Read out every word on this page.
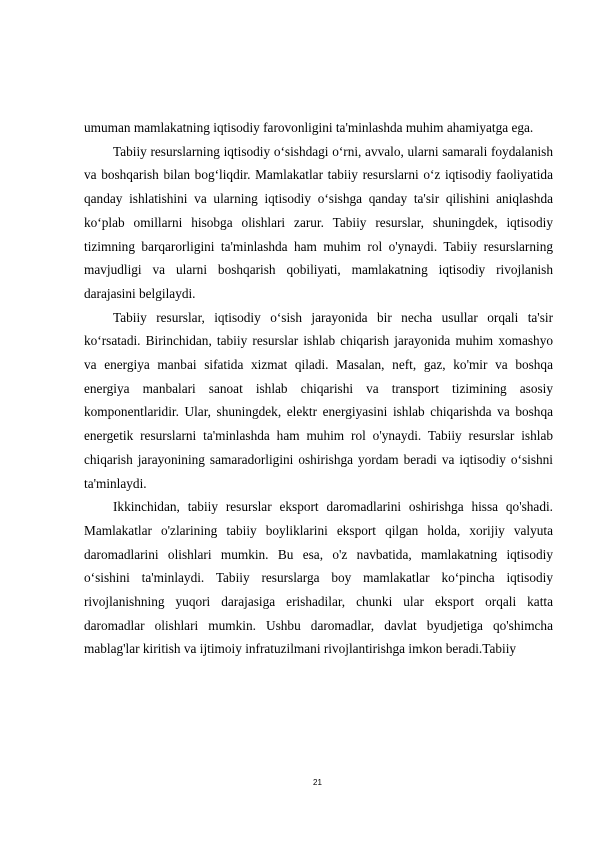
umuman mamlakatning iqtisodiy farovonligini ta'minlashda muhim ahamiyatga ega.

Tabiiy resurslarning iqtisodiy o‘sishdagi o‘rni, avvalo, ularni samarali foydalanish va boshqarish bilan bog‘liqdir. Mamlakatlar tabiiy resurslarni o‘z iqtisodiy faoliyatida qanday ishlatishini va ularning iqtisodiy o‘sishga qanday ta'sir qilishini aniqlashda ko‘plab omillarni hisobga olishlari zarur. Tabiiy resurslar, shuningdek, iqtisodiy tizimning barqarorligini ta'minlashda ham muhim rol o'ynaydi. Tabiiy resurslarning mavjudligi va ularni boshqarish qobiliyati, mamlakatning iqtisodiy rivojlanish darajasini belgilaydi.

Tabiiy resurslar, iqtisodiy o‘sish jarayonida bir necha usullar orqali ta'sir ko‘rsatadi. Birinchidan, tabiiy resurslar ishlab chiqarish jarayonida muhim xomashyo va energiya manbai sifatida xizmat qiladi. Masalan, neft, gaz, ko'mir va boshqa energiya manbalari sanoat ishlab chiqarishi va transport tizimining asosiy komponentlaridir. Ular, shuningdek, elektr energiyasini ishlab chiqarishda va boshqa energetik resurslarni ta'minlashda ham muhim rol o'ynaydi. Tabiiy resurslar ishlab chiqarish jarayonining samaradorligini oshirishga yordam beradi va iqtisodiy o‘sishni ta'minlaydi.

Ikkinchidan, tabiiy resurslar eksport daromadlarini oshirishga hissa qo'shadi. Mamlakatlar o'zlarining tabiiy boyliklarini eksport qilgan holda, xorijiy valyuta daromadlarini olishlari mumkin. Bu esa, o'z navbatida, mamlakatning iqtisodiy o‘sishini ta'minlaydi. Tabiiy resurslarga boy mamlakatlar ko‘pincha iqtisodiy rivojlanishning yuqori darajasiga erishadilar, chunki ular eksport orqali katta daromadlar olishlari mumkin. Ushbu daromadlar, davlat byudjetiga qo'shimcha mablag'lar kiritish va ijtimoiy infratuzilmani rivojlantirishga imkon beradi.Tabiiy

21
